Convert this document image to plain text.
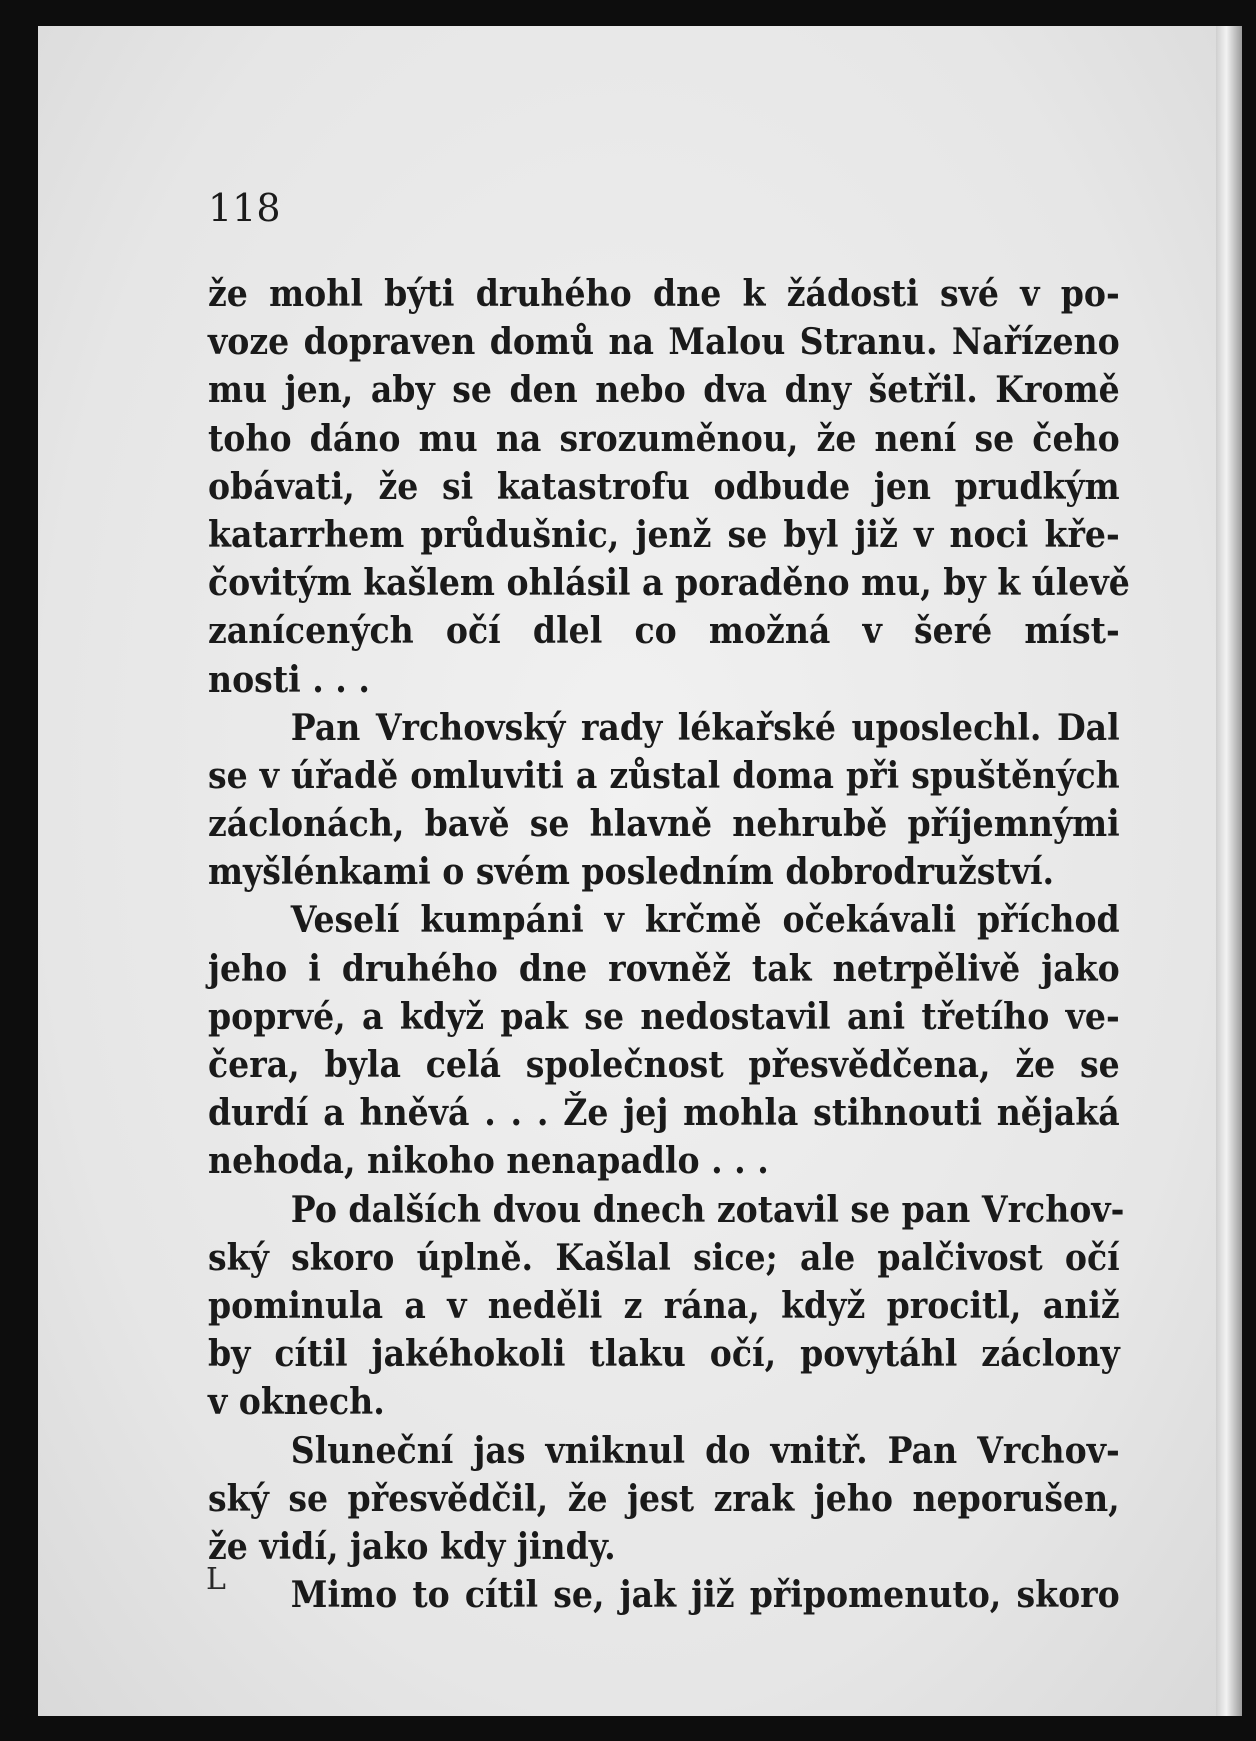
118
L
že mohl býti druhého dne k žádosti své v po-
voze dopraven domů na Malou Stranu. Nařízeno
mu jen, aby se den nebo dva dny šetřil. Kromě
toho dáno mu na srozuměnou, že není se čeho
obávati, že si katastrofu odbude jen prudkým
katarrhem průdušnic, jenž se byl již v noci kře-
čovitým kašlem ohlásil a poraděno mu, by k úlevě
zanícených očí dlel co možná v šeré míst-
nosti . . .
Pan Vrchovský rady lékařské uposlechl. Dal
se v úřadě omluviti a zůstal doma při spuštěných
záclonách, bavě se hlavně nehrubě příjemnými
myšlénkami o svém posledním dobrodružství.
Veselí kumpáni v krčmě očekávali příchod
jeho i druhého dne rovněž tak netrpělivě jako
poprvé, a když pak se nedostavil ani třetího ve-
čera, byla celá společnost přesvědčena, že se
durdí a hněvá . . . Že jej mohla stihnouti nějaká
nehoda, nikoho nenapadlo . . .
Po dalších dvou dnech zotavil se pan Vrchov-
ský skoro úplně. Kašlal sice; ale palčivost očí
pominula a v neděli z rána, když procitl, aniž
by cítil jakéhokoli tlaku očí, povytáhl záclony
v oknech.
Sluneční jas vniknul do vnitř. Pan Vrchov-
ský se přesvědčil, že jest zrak jeho neporušen,
že vidí, jako kdy jindy.
Mimo to cítil se, jak již připomenuto, skoro
